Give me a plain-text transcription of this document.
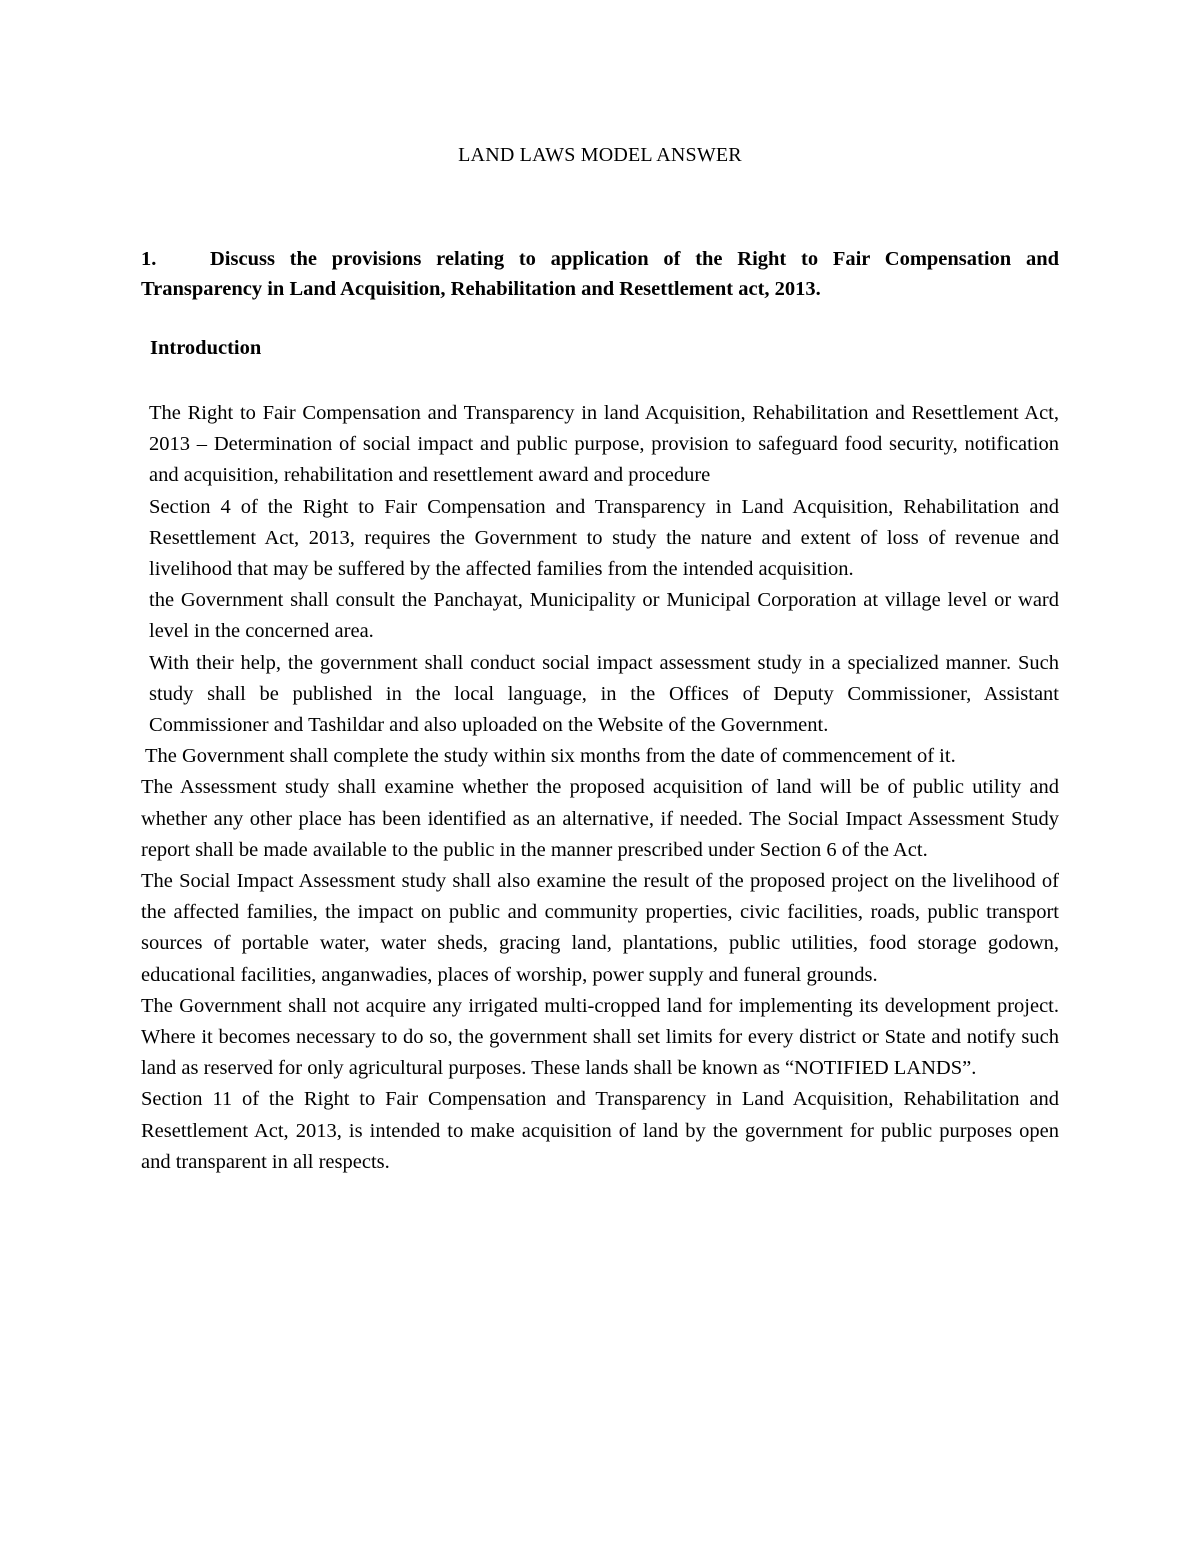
LAND LAWS MODEL ANSWER
1.	Discuss the provisions relating to application of the Right to Fair Compensation and Transparency in Land Acquisition, Rehabilitation and Resettlement act, 2013.
Introduction

The Right to Fair Compensation and Transparency in land Acquisition, Rehabilitation and Resettlement Act, 2013 – Determination of social impact and public purpose, provision to safeguard food security, notification and acquisition, rehabilitation and resettlement award and procedure

Section 4 of the Right to Fair Compensation and Transparency in Land Acquisition, Rehabilitation and Resettlement Act, 2013, requires the Government to study the nature and extent of loss of revenue and livelihood that may be suffered by the affected families from the intended acquisition.

the Government shall consult the Panchayat, Municipality or Municipal Corporation at village level or ward level in the concerned area.

With their help, the government shall conduct social impact assessment study in a specialized manner. Such study shall be published in the local language, in the Offices of Deputy Commissioner, Assistant Commissioner and Tashildar and also uploaded on the Website of the Government.

The Government shall complete the study within six months from the date of commencement of it.

The Assessment study shall examine whether the proposed acquisition of land will be of public utility and whether any other place has been identified as an alternative, if needed. The Social Impact Assessment Study report shall be made available to the public in the manner prescribed under Section 6 of the Act.

The Social Impact Assessment study shall also examine the result of the proposed project on the livelihood of the affected families, the impact on public and community properties, civic facilities, roads, public transport sources of portable water, water sheds, gracing land, plantations, public utilities, food storage godown, educational facilities, anganwadies, places of worship, power supply and funeral grounds.

The Government shall not acquire any irrigated multi-cropped land for implementing its development project. Where it becomes necessary to do so, the government shall set limits for every district or State and notify such land as reserved for only agricultural purposes. These lands shall be known as “NOTIFIED LANDS”.

Section 11 of the Right to Fair Compensation and Transparency in Land Acquisition, Rehabilitation and Resettlement Act, 2013, is intended to make acquisition of land by the government for public purposes open and transparent in all respects.
